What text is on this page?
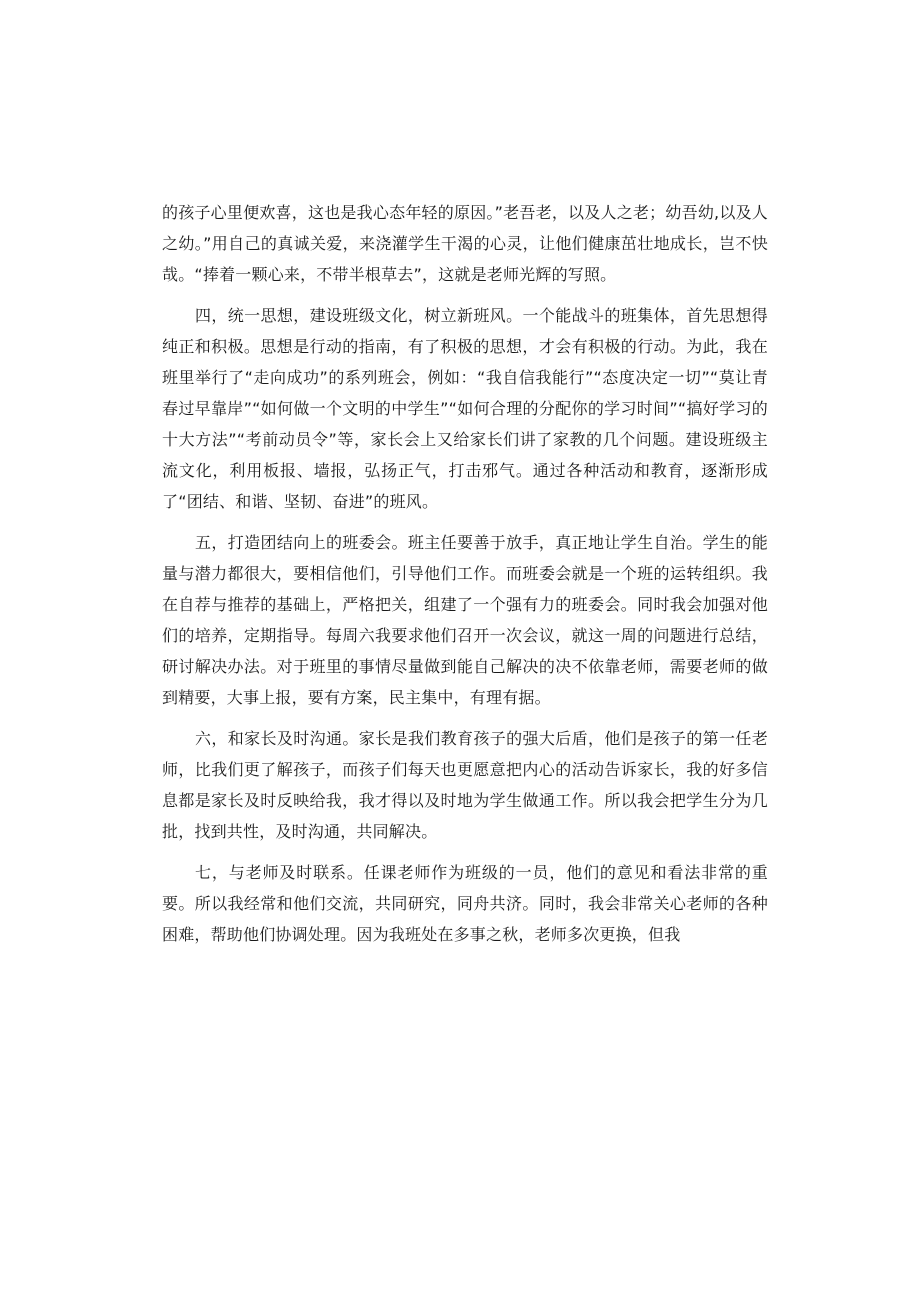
的孩子心里便欢喜，这也是我心态年轻的原因。”老吾老，以及人之老；幼吾幼,以及人之幼。”用自己的真诚关爱，来浇灌学生干渴的心灵，让他们健康茁壮地成长，岂不快哉。“捧着一颗心来，不带半根草去”，这就是老师光辉的写照。

四，统一思想，建设班级文化，树立新班风。一个能战斗的班集体，首先思想得纯正和积极。思想是行动的指南，有了积极的思想，才会有积极的行动。为此，我在班里举行了“走向成功”的系列班会，例如：“我自信我能行”“态度决定一切”“莫让青春过早靠岸”“如何做一个文明的中学生”“如何合理的分配你的学习时间”“搞好学习的十大方法”“考前动员令”等，家长会上又给家长们讲了家教的几个问题。建设班级主流文化，利用板报、墙报，弘扬正气，打击邪气。通过各种活动和教育，逐渐形成了“团结、和谐、坚韧、奋进”的班风。

五，打造团结向上的班委会。班主任要善于放手，真正地让学生自治。学生的能量与潜力都很大，要相信他们，引导他们工作。而班委会就是一个班的运转组织。我在自荐与推荐的基础上，严格把关，组建了一个强有力的班委会。同时我会加强对他们的培养，定期指导。每周六我要求他们召开一次会议，就这一周的问题进行总结，研讨解决办法。对于班里的事情尽量做到能自己解决的决不依靠老师，需要老师的做到精要，大事上报，要有方案，民主集中，有理有据。

六，和家长及时沟通。家长是我们教育孩子的强大后盾，他们是孩子的第一任老师，比我们更了解孩子，而孩子们每天也更愿意把内心的活动告诉家长，我的好多信息都是家长及时反映给我，我才得以及时地为学生做通工作。所以我会把学生分为几批，找到共性，及时沟通，共同解决。

七，与老师及时联系。任课老师作为班级的一员，他们的意见和看法非常的重要。所以我经常和他们交流，共同研究，同舟共济。同时，我会非常关心老师的各种困难，帮助他们协调处理。因为我班处在多事之秋，老师多次更换，但我
